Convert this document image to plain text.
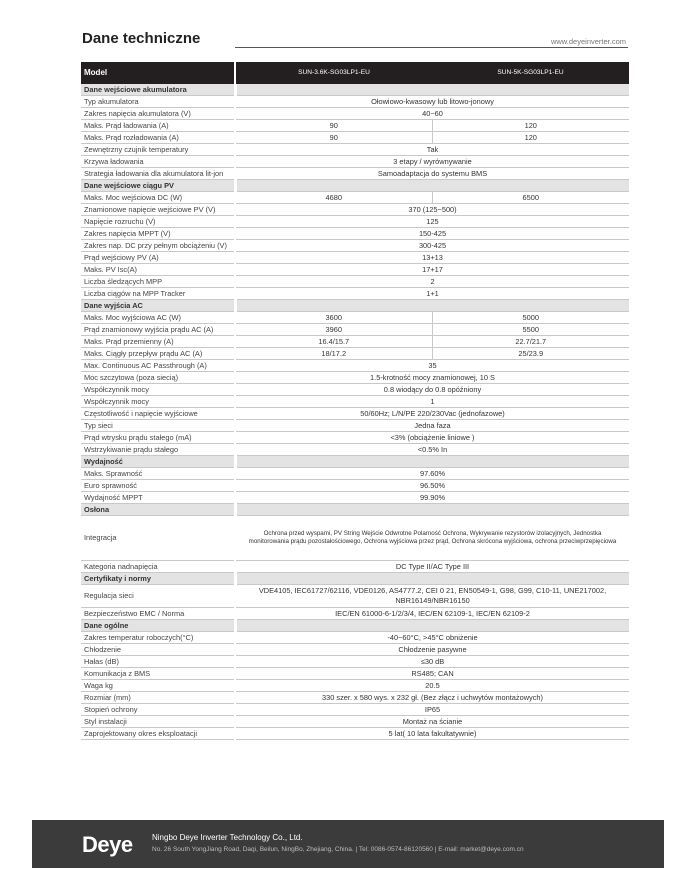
Dane techniczne	www.deyeinverter.com
Model	SUN-3.6K-SG03LP1-EU	SUN-5K-SG03LP1-EU
Dane wejściowe akumulatora		
Typ akumulatora	Ołowiowo-kwasowy lub litowo-jonowy	
Zakres napięcia akumulatora (V)	40~60	
Maks. Prąd ładowania (A)	90	120
Maks. Prąd rozładowania (A)	90	120
Zewnętrzny czujnik temperatury	Tak	
Krzywa ładowania	3 etapy / wyrównywanie	
Strategia ładowania dla akumulatora lit-jon	Samoadaptacja do systemu BMS	
Dane wejściowe ciągu PV		
Maks. Moc wejściowa DC (W)	4680	6500
Znamionowe napięcie wejściowe PV (V)	370 (125~500)	
Napięcie rozruchu (V)	125	
Zakres napięcia MPPT (V)	150-425	
Zakres nap. DC przy pełnym obciążeniu (V)	300-425	
Prąd wejściowy PV (A)	13+13	
Maks. PV Isc(A)	17+17	
Liczba śledzących MPP	2	
Liczba ciągów na MPP Tracker	1+1	
Dane wyjścia AC		
Maks. Moc wyjściowa AC (W)	3600	5000
Prąd znamionowy wyjścia prądu AC (A)	3960	5500
Maks. Prąd przemienny (A)	16.4/15.7	22.7/21.7
Maks. Ciągły przepływ prądu AC (A)	18/17.2	25/23.9
Max. Continuous AC Passthrough (A)	35	
Moc szczytowa (poza siecią)	1.5-krotność mocy znamionowej, 10 S	
Współczynnik mocy	0.8 wiodący do 0.8 opóźniony	
Współczynnik mocy	1	
Częstotliwość i napięcie wyjściowe	50/60Hz; L/N/PE 220/230Vac (jednofazowe)	
Typ sieci	Jedna faza	
Prąd wtrysku prądu stałego (mA)	<3% (obciążenie liniowe )	
Wstrzykiwanie prądu stałego	<0.5% In	
Wydajność		
Maks. Sprawność	97.60%	
Euro sprawność	96.50%	
Wydajność MPPT	99.90%	
Osłona		
Integracja	Ochrona przed wyspami, PV String Wejście Odwrotne Polarność Ochrona, Wykrywanie rezystorów izolacyjnych, Jednostka monitorowania prądu pozostałościowego, Ochrona wyjściowa przez prąd, Ochrona skrócona wyjściowa, ochrona przeciwprzepięciowa	
Kategoria nadnapięcia	DC Type II/AC Type III	
Certyfikaty i normy		
Regulacja sieci	VDE4105, IEC61727/62116, VDE0126, AS4777.2, CEI 0 21, EN50549-1, G98, G99, C10-11, UNE217002, NBR16149/NBR16150	
Bezpieczeństwo EMC / Norma	IEC/EN 61000-6-1/2/3/4, IEC/EN 62109-1, IEC/EN 62109-2	
Dane ogólne		
Zakres temperatur roboczych(°C)	-40~60°C, >45°C obniżenie	
Chłodzenie	Chłodzenie pasywne	
Hałas (dB)	≤30 dB	
Komunikacja z BMS	RS485; CAN	
Waga kg	20.5	
Rozmiar (mm)	330 szer. x 580 wys. x 232 gł. (Bez złącz i uchwytów montażowych)	
Stopień ochrony	IP65	
Styl instalacji	Montaż na ścianie	
Zaprojektowany okres eksploatacji	5 lat( 10 lata fakultatywnie)	
Deye Ningbo Deye Inverter Technology Co., Ltd.
No. 26 South YongJiang Road, Daqi, Beilun, NingBo, Zhejiang, China. | Tel: 0086-0574-86120560 | E-mail: market@deye.com.cn
